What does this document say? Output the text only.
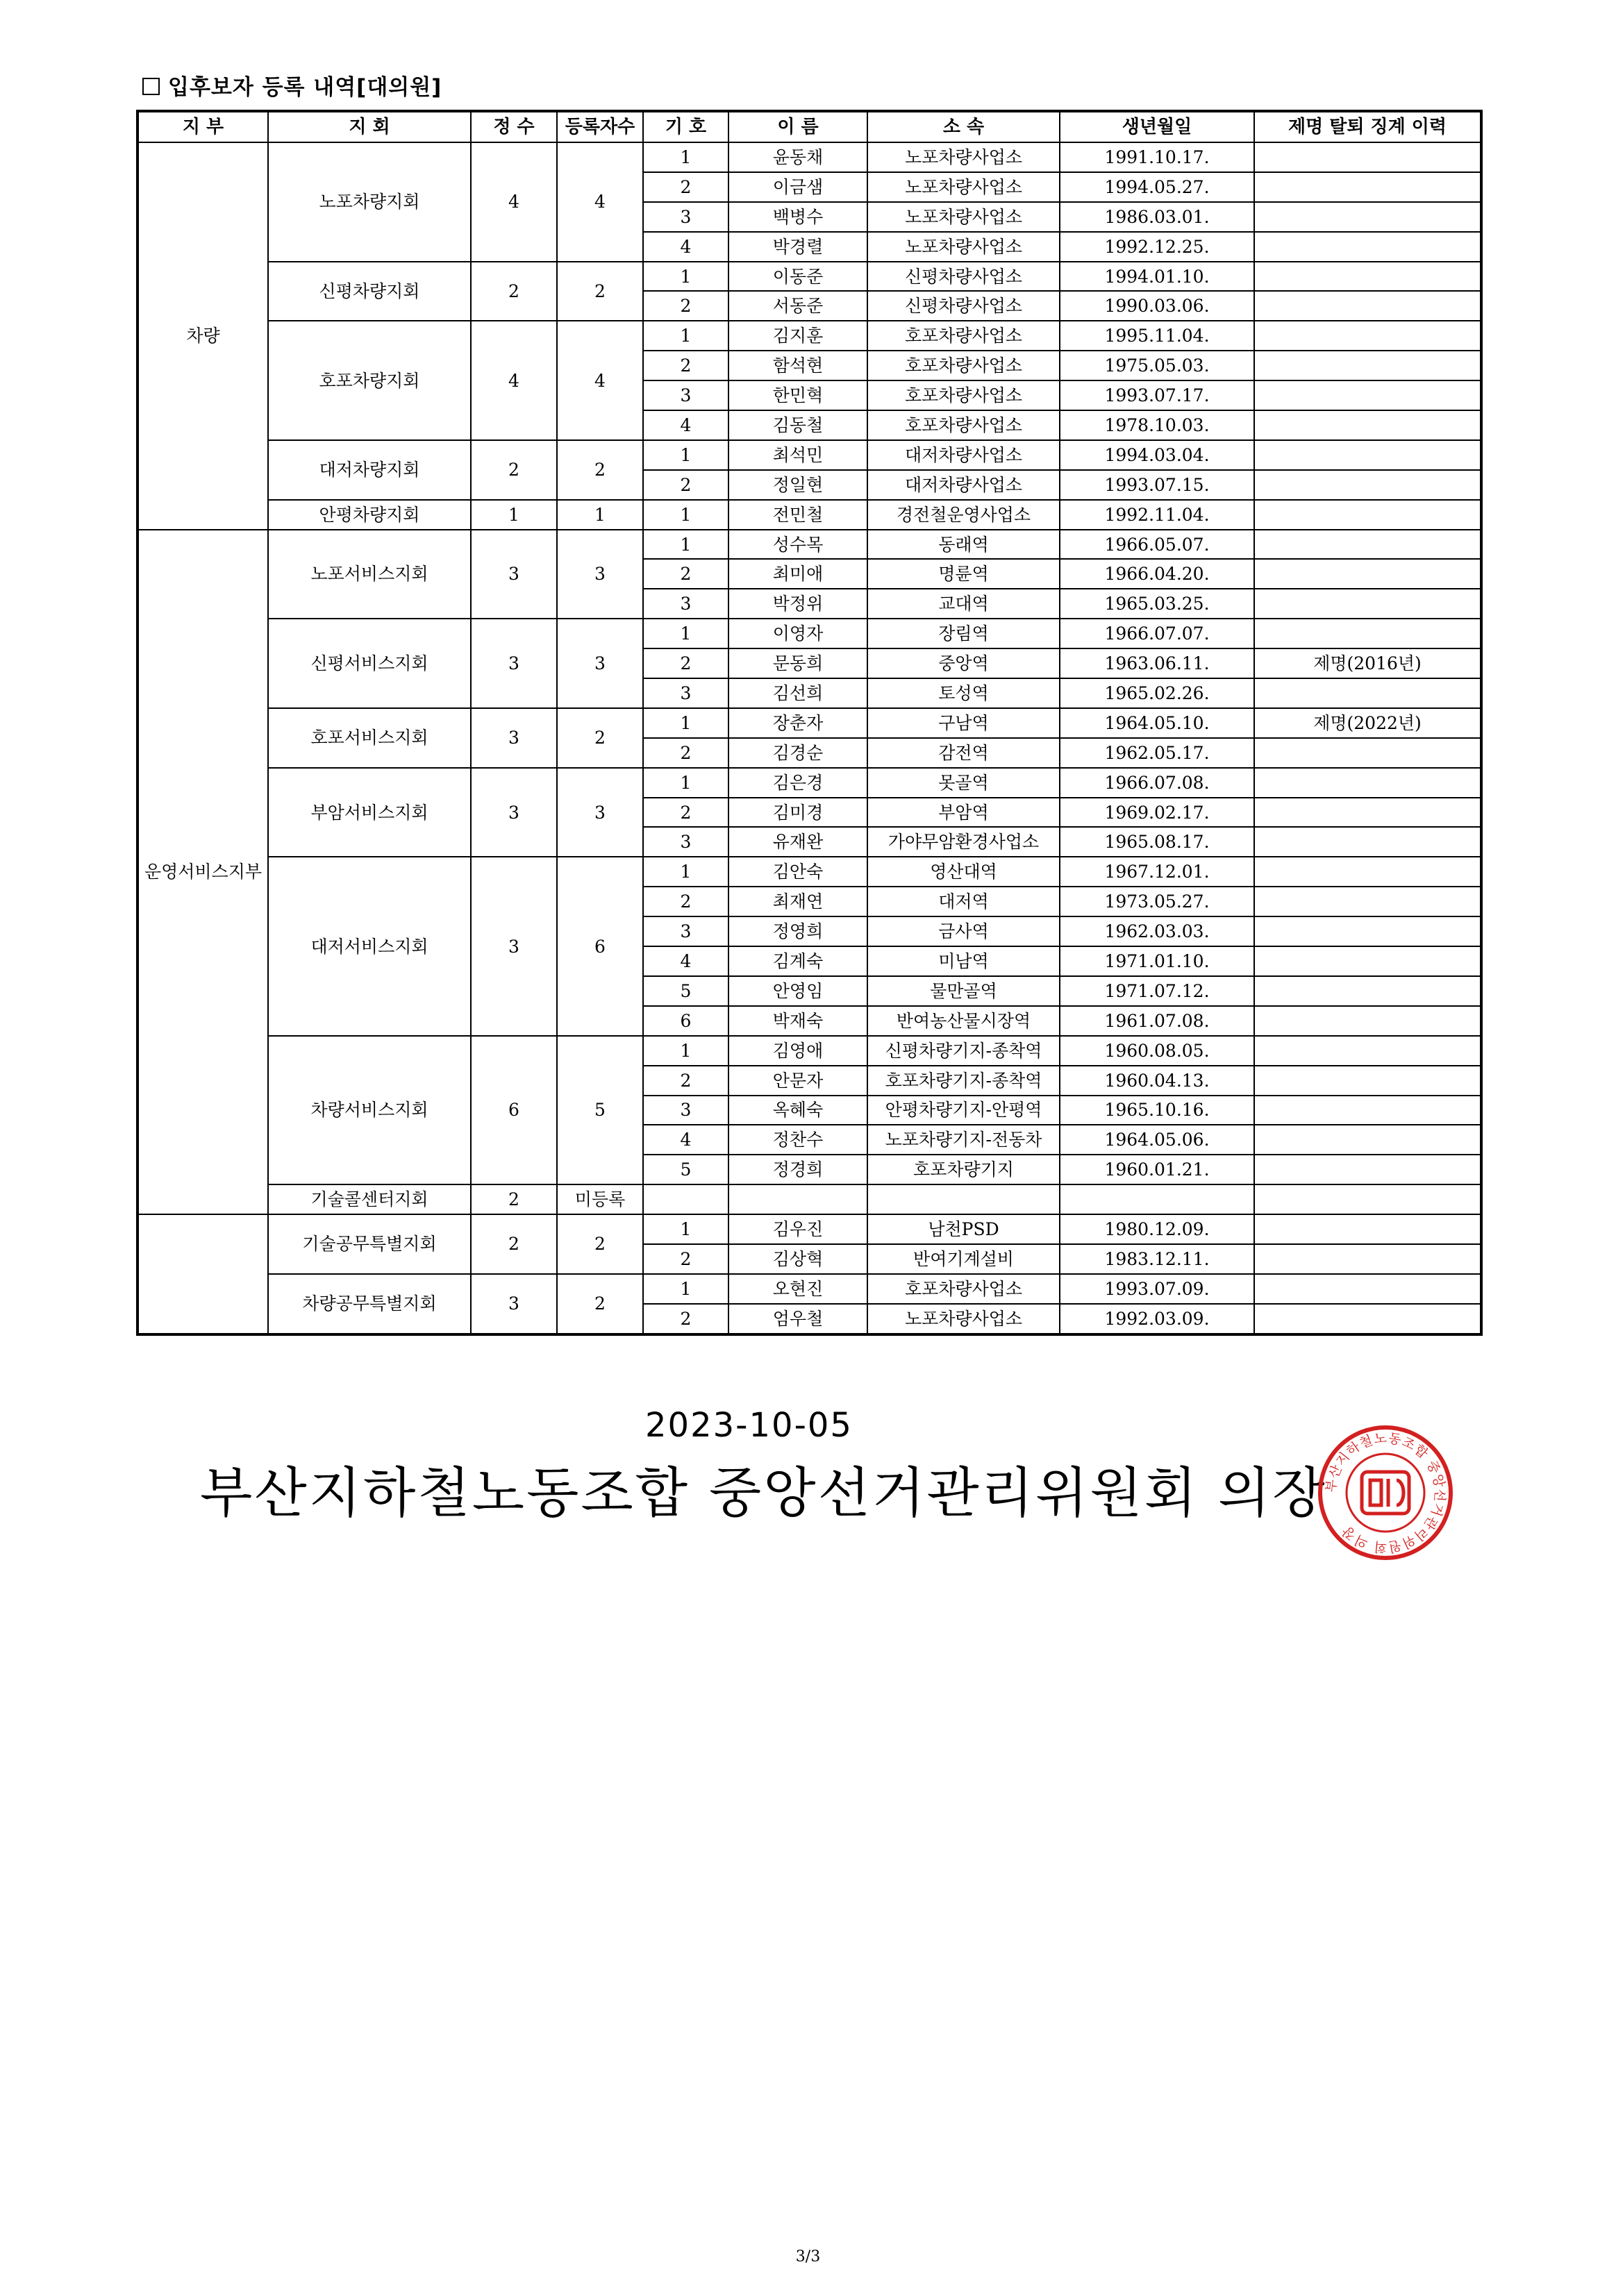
입후보자 등록 내역[대의원]
지 부	지 회	정 수	등록자수	기 호	이 름	소 속	생년월일	제명 탈퇴 징계 이력
차량	노포차량지회	4	4	1	윤동채	노포차량사업소	1991.10.17.	
				2	이금샘	노포차량사업소	1994.05.27.	
				3	백병수	노포차량사업소	1986.03.01.	
				4	박경렬	노포차량사업소	1992.12.25.	
	신평차량지회	2	2	1	이동준	신평차량사업소	1994.01.10.	
				2	서동준	신평차량사업소	1990.03.06.	
	호포차량지회	4	4	1	김지훈	호포차량사업소	1995.11.04.	
				2	함석현	호포차량사업소	1975.05.03.	
				3	한민혁	호포차량사업소	1993.07.17.	
				4	김동철	호포차량사업소	1978.10.03.	
	대저차량지회	2	2	1	최석민	대저차량사업소	1994.03.04.	
				2	정일현	대저차량사업소	1993.07.15.	
	안평차량지회	1	1	1	전민철	경전철운영사업소	1992.11.04.	
운영서비스지부	노포서비스지회	3	3	1	성수목	동래역	1966.05.07.	
				2	최미애	명륜역	1966.04.20.	
				3	박정위	교대역	1965.03.25.	
	신평서비스지회	3	3	1	이영자	장림역	1966.07.07.	
				2	문동희	중앙역	1963.06.11.	제명(2016년)
				3	김선희	토성역	1965.02.26.	
	호포서비스지회	3	2	1	장춘자	구남역	1964.05.10.	제명(2022년)
				2	김경순	감전역	1962.05.17.	
	부암서비스지회	3	3	1	김은경	못골역	1966.07.08.	
				2	김미경	부암역	1969.02.17.	
				3	유재완	가야무암환경사업소	1965.08.17.	
	대저서비스지회	3	6	1	김안숙	영산대역	1967.12.01.	
				2	최재연	대저역	1973.05.27.	
				3	정영희	금사역	1962.03.03.	
				4	김계숙	미남역	1971.01.10.	
				5	안영임	물만골역	1971.07.12.	
				6	박재숙	반여농산물시장역	1961.07.08.	
	차량서비스지회	6	5	1	김영애	신평차량기지-종착역	1960.08.05.	
				2	안문자	호포차량기지-종착역	1960.04.13.	
				3	옥혜숙	안평차량기지-안평역	1965.10.16.	
				4	정찬수	노포차량기지-전동차	1964.05.06.	
				5	정경희	호포차량기지	1960.01.21.	
	기술콜센터지회	2	미등록					
	기술공무특별지회	2	2	1	김우진	남천PSD	1980.12.09.	
				2	김상혁	반여기계설비	1983.12.11.	
	차량공무특별지회	3	2	1	오현진	호포차량사업소	1993.07.09.	
				2	엄우철	노포차량사업소	1992.03.09.	
2023-10-05
부산지하철노동조합 중앙선거관리위원회 의장
부산지하철노동조합 중앙선거관리위원회 의장
3/3
